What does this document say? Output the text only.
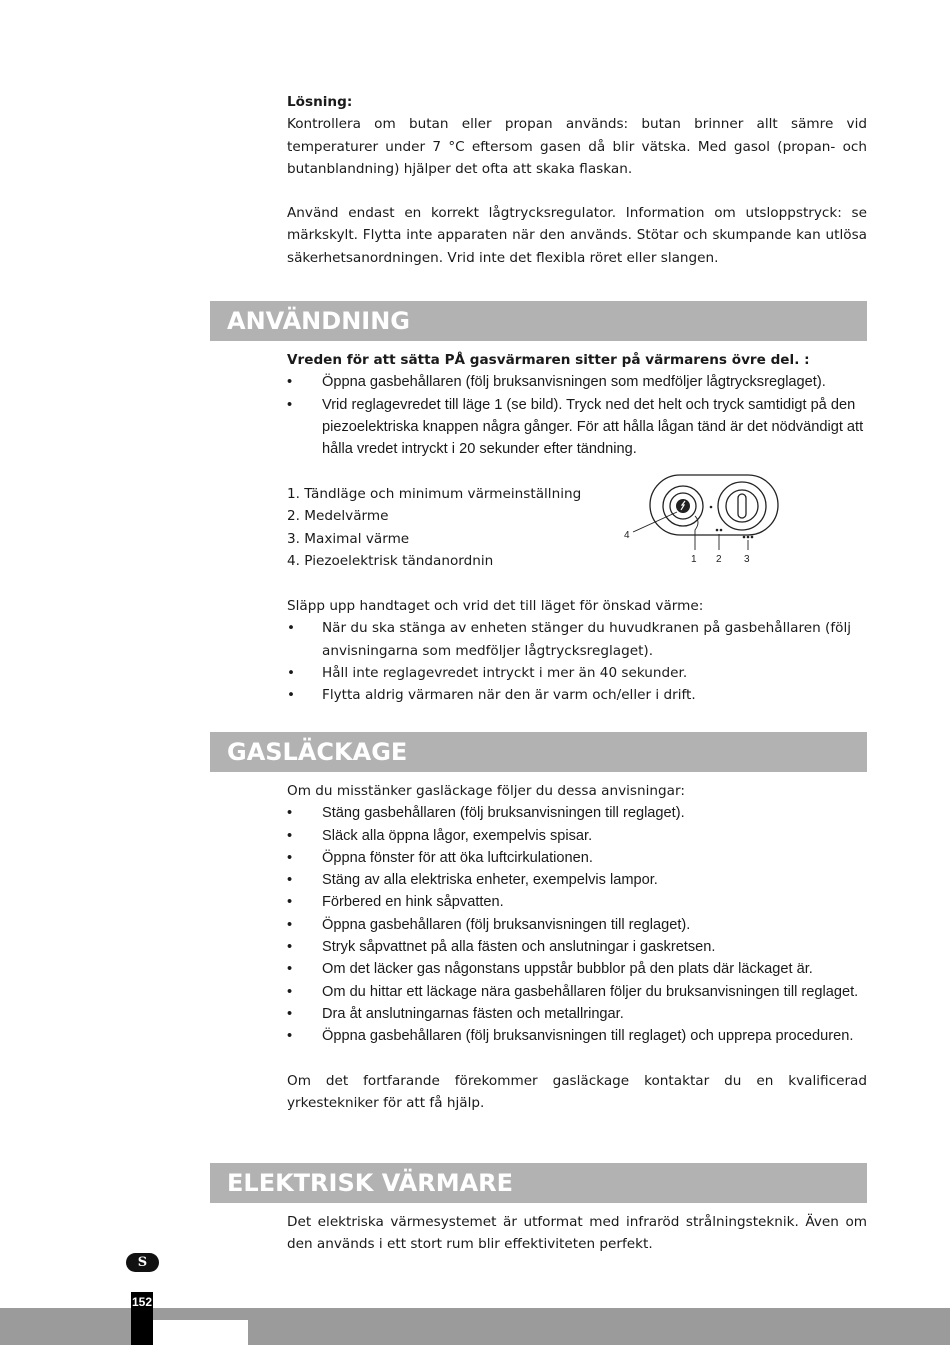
Lösning:

Kontrollera om butan eller propan används: butan brinner allt sämre vid temperaturer under 7 °C eftersom gasen då blir vätska. Med gasol (propan- och butanblandning) hjälper det ofta att skaka flaskan.

Använd endast en korrekt lågtrycksregulator. Information om utsloppstryck: se märkskylt. Flytta inte apparaten när den används. Stötar och skumpande kan utlösa säkerhetsanordningen. Vrid inte det flexibla röret eller slangen.

ANVÄNDNING

Vreden för att sätta PÅ gasvärmaren sitter på värmarens övre del. :

• Öppna gasbehållaren (följ bruksanvisningen som medföljer lågtrycksreglaget).
• Vrid reglagevredet till läge 1 (se bild). Tryck ned det helt och tryck samtidigt på den piezoelektriska knappen några gånger. För att hålla lågan tänd är det nödvändigt att hålla vredet intryckt i 20 sekunder efter tändning.
1. Tändläge och minimum värmeinställning
2. Medelvärme
3. Maximal värme
4. Piezoelektrisk tändanordnin
4
1 2 3

Släpp upp handtaget och vrid det till läget för önskad värme:

• När du ska stänga av enheten stänger du huvudkranen på gasbehållaren (följ anvisningarna som medföljer lågtrycksreglaget).
• Håll inte reglagevredet intryckt i mer än 40 sekunder.
• Flytta aldrig värmaren när den är varm och/eller i drift.
GASLÄCKAGE

Om du misstänker gasläckage följer du dessa anvisningar:

• Stäng gasbehållaren (följ bruksanvisningen till reglaget).
• Släck alla öppna lågor, exempelvis spisar.
• Öppna fönster för att öka luftcirkulationen.
• Stäng av alla elektriska enheter, exempelvis lampor.
• Förbered en hink såpvatten.
• Öppna gasbehållaren (följ bruksanvisningen till reglaget).
• Stryk såpvattnet på alla fästen och anslutningar i gaskretsen.
• Om det läcker gas någonstans uppstår bubblor på den plats där läckaget är.
• Om du hittar ett läckage nära gasbehållaren följer du bruksanvisningen till reglaget.
• Dra åt anslutningarnas fästen och metallringar.
• Öppna gasbehållaren (följ bruksanvisningen till reglaget) och upprepa proceduren.

Om det fortfarande förekommer gasläckage kontaktar du en kvalificerad yrkestekniker för att få hjälp.

ELEKTRISK VÄRMARE

Det elektriska värmesystemet är utformat med infraröd strålningsteknik. Även om den används i ett stort rum blir effektiviteten perfekt.

S
152
